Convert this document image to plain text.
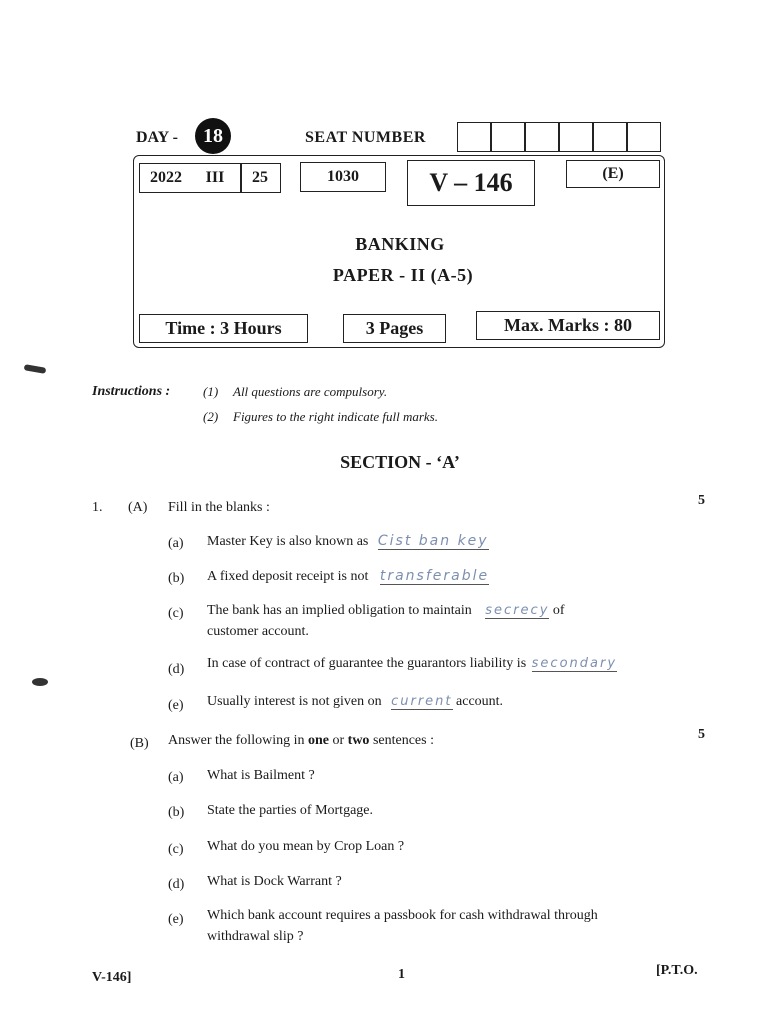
DAY - 18	SEAT NUMBER
2022	III	25	1030	V – 146	(E)
BANKING
PAPER - II (A-5)
Time : 3 Hours	3 Pages	Max. Marks : 80
Instructions :	(1) All questions are compulsory.
(2) Figures to the right indicate full marks.
SECTION - ‘A’
1. (A) Fill in the blanks :	5
(a) Master Key is also known as Cist ban key
(b) A fixed deposit receipt is not transferable
(c) The bank has an implied obligation to maintain secrecy of
customer account.
(d) In case of contract of guarantee the guarantors liability is secondary
(e) Usually interest is not given on current account.
(B) Answer the following in one or two sentences :	5
(a) What is Bailment ?
(b) State the parties of Mortgage.
(c) What do you mean by Crop Loan ?
(d) What is Dock Warrant ?
(e) Which bank account requires a passbook for cash withdrawal through
withdrawal slip ?
V-146]	1	[P.T.O.
